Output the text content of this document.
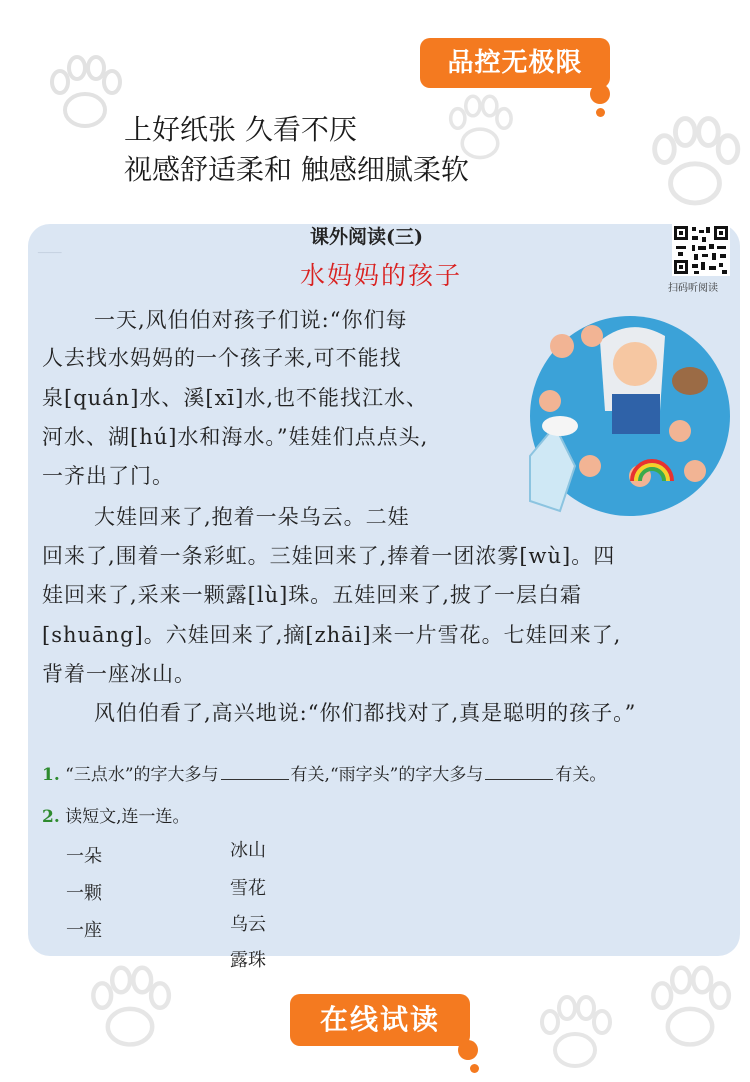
品控无极限
上好纸张 久看不厌
视感舒适柔和 触感细腻柔软
───
课外阅读(三)
水妈妈的孩子	扫码听阅读
一天,风伯伯对孩子们说:“你们每
人去找水妈妈的一个孩子来,可不能找
泉[quán]水、溪[xī]水,也不能找江水、
河水、湖[hú]水和海水。”娃娃们点点头,
一齐出了门。
大娃回来了,抱着一朵乌云。二娃
回来了,围着一条彩虹。三娃回来了,捧着一团浓雾[wù]。四
娃回来了,采来一颗露[lù]珠。五娃回来了,披了一层白霜
[shuāng]。六娃回来了,摘[zhāi]来一片雪花。七娃回来了,
背着一座冰山。
风伯伯看了,高兴地说:“你们都找对了,真是聪明的孩子。”
1. “三点水”的字大多与	有关,“雨字头”的字大多与	有关。
2. 读短文,连一连。
一朵
一颗
一座
冰山
雪花
乌云
露珠
在线试读
